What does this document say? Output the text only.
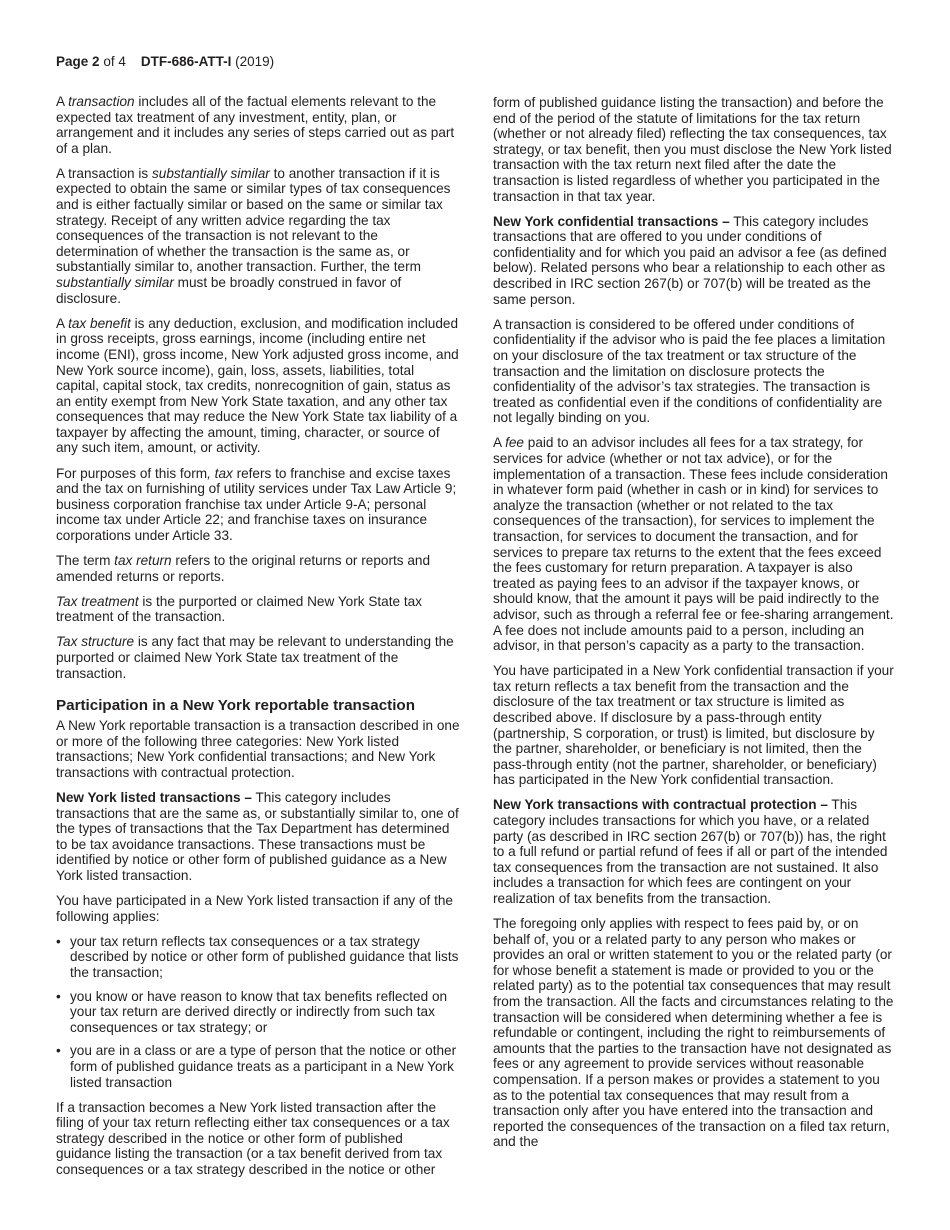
Page 2 of 4 DTF-686-ATT-I (2019)

A transaction includes all of the factual elements relevant to the expected tax treatment of any investment, entity, plan, or arrangement and it includes any series of steps carried out as part of a plan.

A transaction is substantially similar to another transaction if it is expected to obtain the same or similar types of tax consequences and is either factually similar or based on the same or similar tax strategy. Receipt of any written advice regarding the tax consequences of the transaction is not relevant to the determination of whether the transaction is the same as, or substantially similar to, another transaction. Further, the term substantially similar must be broadly construed in favor of disclosure.

A tax benefit is any deduction, exclusion, and modification included in gross receipts, gross earnings, income (including entire net income (ENI), gross income, New York adjusted gross income, and New York source income), gain, loss, assets, liabilities, total capital, capital stock, tax credits, nonrecognition of gain, status as an entity exempt from New York State taxation, and any other tax consequences that may reduce the New York State tax liability of a taxpayer by affecting the amount, timing, character, or source of any such item, amount, or activity.

For purposes of this form, tax refers to franchise and excise taxes and the tax on furnishing of utility services under Tax Law Article 9; business corporation franchise tax under Article 9-A; personal income tax under Article 22; and franchise taxes on insurance corporations under Article 33.

The term tax return refers to the original returns or reports and amended returns or reports.

Tax treatment is the purported or claimed New York State tax treatment of the transaction.

Tax structure is any fact that may be relevant to understanding the purported or claimed New York State tax treatment of the transaction.

Participation in a New York reportable transaction

A New York reportable transaction is a transaction described in one or more of the following three categories: New York listed transactions; New York confidential transactions; and New York transactions with contractual protection.

New York listed transactions – This category includes transactions that are the same as, or substantially similar to, one of the types of transactions that the Tax Department has determined to be tax avoidance transactions. These transactions must be identified by notice or other form of published guidance as a New York listed transaction.

You have participated in a New York listed transaction if any of the following applies:

• your tax return reflects tax consequences or a tax strategy described by notice or other form of published guidance that lists the transaction;
• you know or have reason to know that tax benefits reflected on your tax return are derived directly or indirectly from such tax consequences or tax strategy; or
• you are in a class or are a type of person that the notice or other form of published guidance treats as a participant in a New York listed transaction

If a transaction becomes a New York listed transaction after the filing of your tax return reflecting either tax consequences or a tax strategy described in the notice or other form of published guidance listing the transaction (or a tax benefit derived from tax consequences or a tax strategy described in the notice or other

form of published guidance listing the transaction) and before the end of the period of the statute of limitations for the tax return (whether or not already filed) reflecting the tax consequences, tax strategy, or tax benefit, then you must disclose the New York listed transaction with the tax return next filed after the date the transaction is listed regardless of whether you participated in the transaction in that tax year.

New York confidential transactions – This category includes transactions that are offered to you under conditions of confidentiality and for which you paid an advisor a fee (as defined below). Related persons who bear a relationship to each other as described in IRC section 267(b) or 707(b) will be treated as the same person.

A transaction is considered to be offered under conditions of confidentiality if the advisor who is paid the fee places a limitation on your disclosure of the tax treatment or tax structure of the transaction and the limitation on disclosure protects the confidentiality of the advisor’s tax strategies. The transaction is treated as confidential even if the conditions of confidentiality are not legally binding on you.

A fee paid to an advisor includes all fees for a tax strategy, for services for advice (whether or not tax advice), or for the implementation of a transaction. These fees include consideration in whatever form paid (whether in cash or in kind) for services to analyze the transaction (whether or not related to the tax consequences of the transaction), for services to implement the transaction, for services to document the transaction, and for services to prepare tax returns to the extent that the fees exceed the fees customary for return preparation. A taxpayer is also treated as paying fees to an advisor if the taxpayer knows, or should know, that the amount it pays will be paid indirectly to the advisor, such as through a referral fee or fee-sharing arrangement. A fee does not include amounts paid to a person, including an advisor, in that person’s capacity as a party to the transaction.

You have participated in a New York confidential transaction if your tax return reflects a tax benefit from the transaction and the disclosure of the tax treatment or tax structure is limited as described above. If disclosure by a pass-through entity (partnership, S corporation, or trust) is limited, but disclosure by the partner, shareholder, or beneficiary is not limited, then the pass-through entity (not the partner, shareholder, or beneficiary) has participated in the New York confidential transaction.

New York transactions with contractual protection – This category includes transactions for which you have, or a related party (as described in IRC section 267(b) or 707(b)) has, the right to a full refund or partial refund of fees if all or part of the intended tax consequences from the transaction are not sustained. It also includes a transaction for which fees are contingent on your realization of tax benefits from the transaction.

The foregoing only applies with respect to fees paid by, or on behalf of, you or a related party to any person who makes or provides an oral or written statement to you or the related party (or for whose benefit a statement is made or provided to you or the related party) as to the potential tax consequences that may result from the transaction. All the facts and circumstances relating to the transaction will be considered when determining whether a fee is refundable or contingent, including the right to reimbursements of amounts that the parties to the transaction have not designated as fees or any agreement to provide services without reasonable compensation. If a person makes or provides a statement to you as to the potential tax consequences that may result from a transaction only after you have entered into the transaction and reported the consequences of the transaction on a filed tax return, and the
